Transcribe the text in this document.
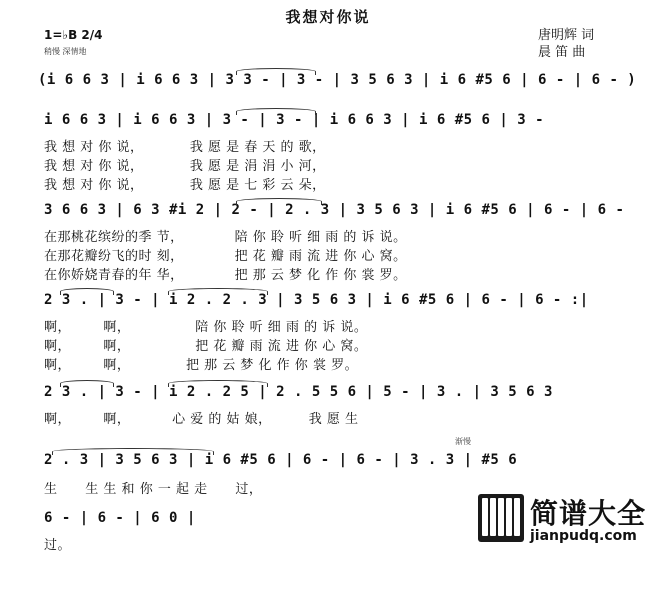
我想对你说
唐明辉 词
晨 笛 曲
1=♭B 2/4
稍慢 深情地
(i 6 6 3 | i 6 6 3 | 3 3 - | 3 - | 3 5 6 3 | i 6 #5 6 | 6 - | 6 - )
i 6 6 3 | i 6 6 3 | 3 - | 3 - | i 6 6 3 | i 6 #5 6 | 3 -
我 想 对 你 说，          我 愿 是 春 天 的 歌，
我 想 对 你 说，          我 愿 是 涓 涓 小 河，
我 想 对 你 说，          我 愿 是 七 彩 云 朵，
3 6 6 3 | 6 3 #i 2 | 2 - | 2 . 3 | 3 5 6 3 | i 6 #5 6 | 6 - | 6 -
在那桃花缤纷的季 节，           陪 你 聆 听 细 雨 的 诉 说。
在那花瓣纷飞的时 刻，           把 花 瓣 雨 流 进 你 心 窝。
在你娇娆青春的年 华，           把 那 云 梦 化 作 你 裳 罗。
2 3 . | 3 - | i 2 . 2 . 3 | 3 5 6 3 | i 6 #5 6 | 6 - | 6 - :|
啊，       啊，              陪 你 聆 听 细 雨 的 诉 说。
啊，       啊，              把 花 瓣 雨 流 进 你 心 窝。
啊，       啊，            把 那 云 梦 化 作 你 裳 罗。
2 3 . | 3 - | i 2 . 2 5 | 2 . 5 5 6 | 5 - | 3 . | 3 5 6 3
啊，       啊，         心 爱 的 姑 娘，        我 愿 生
渐慢
2 . 3 | 3 5 6 3 | i 6 #5 6 | 6 - | 6 - | 3 . 3 | #5 6
生      生 生 和 你 一 起 走      过，
6 - | 6 - | 6 0 |
过。

简谱大全
jianpudq.com
